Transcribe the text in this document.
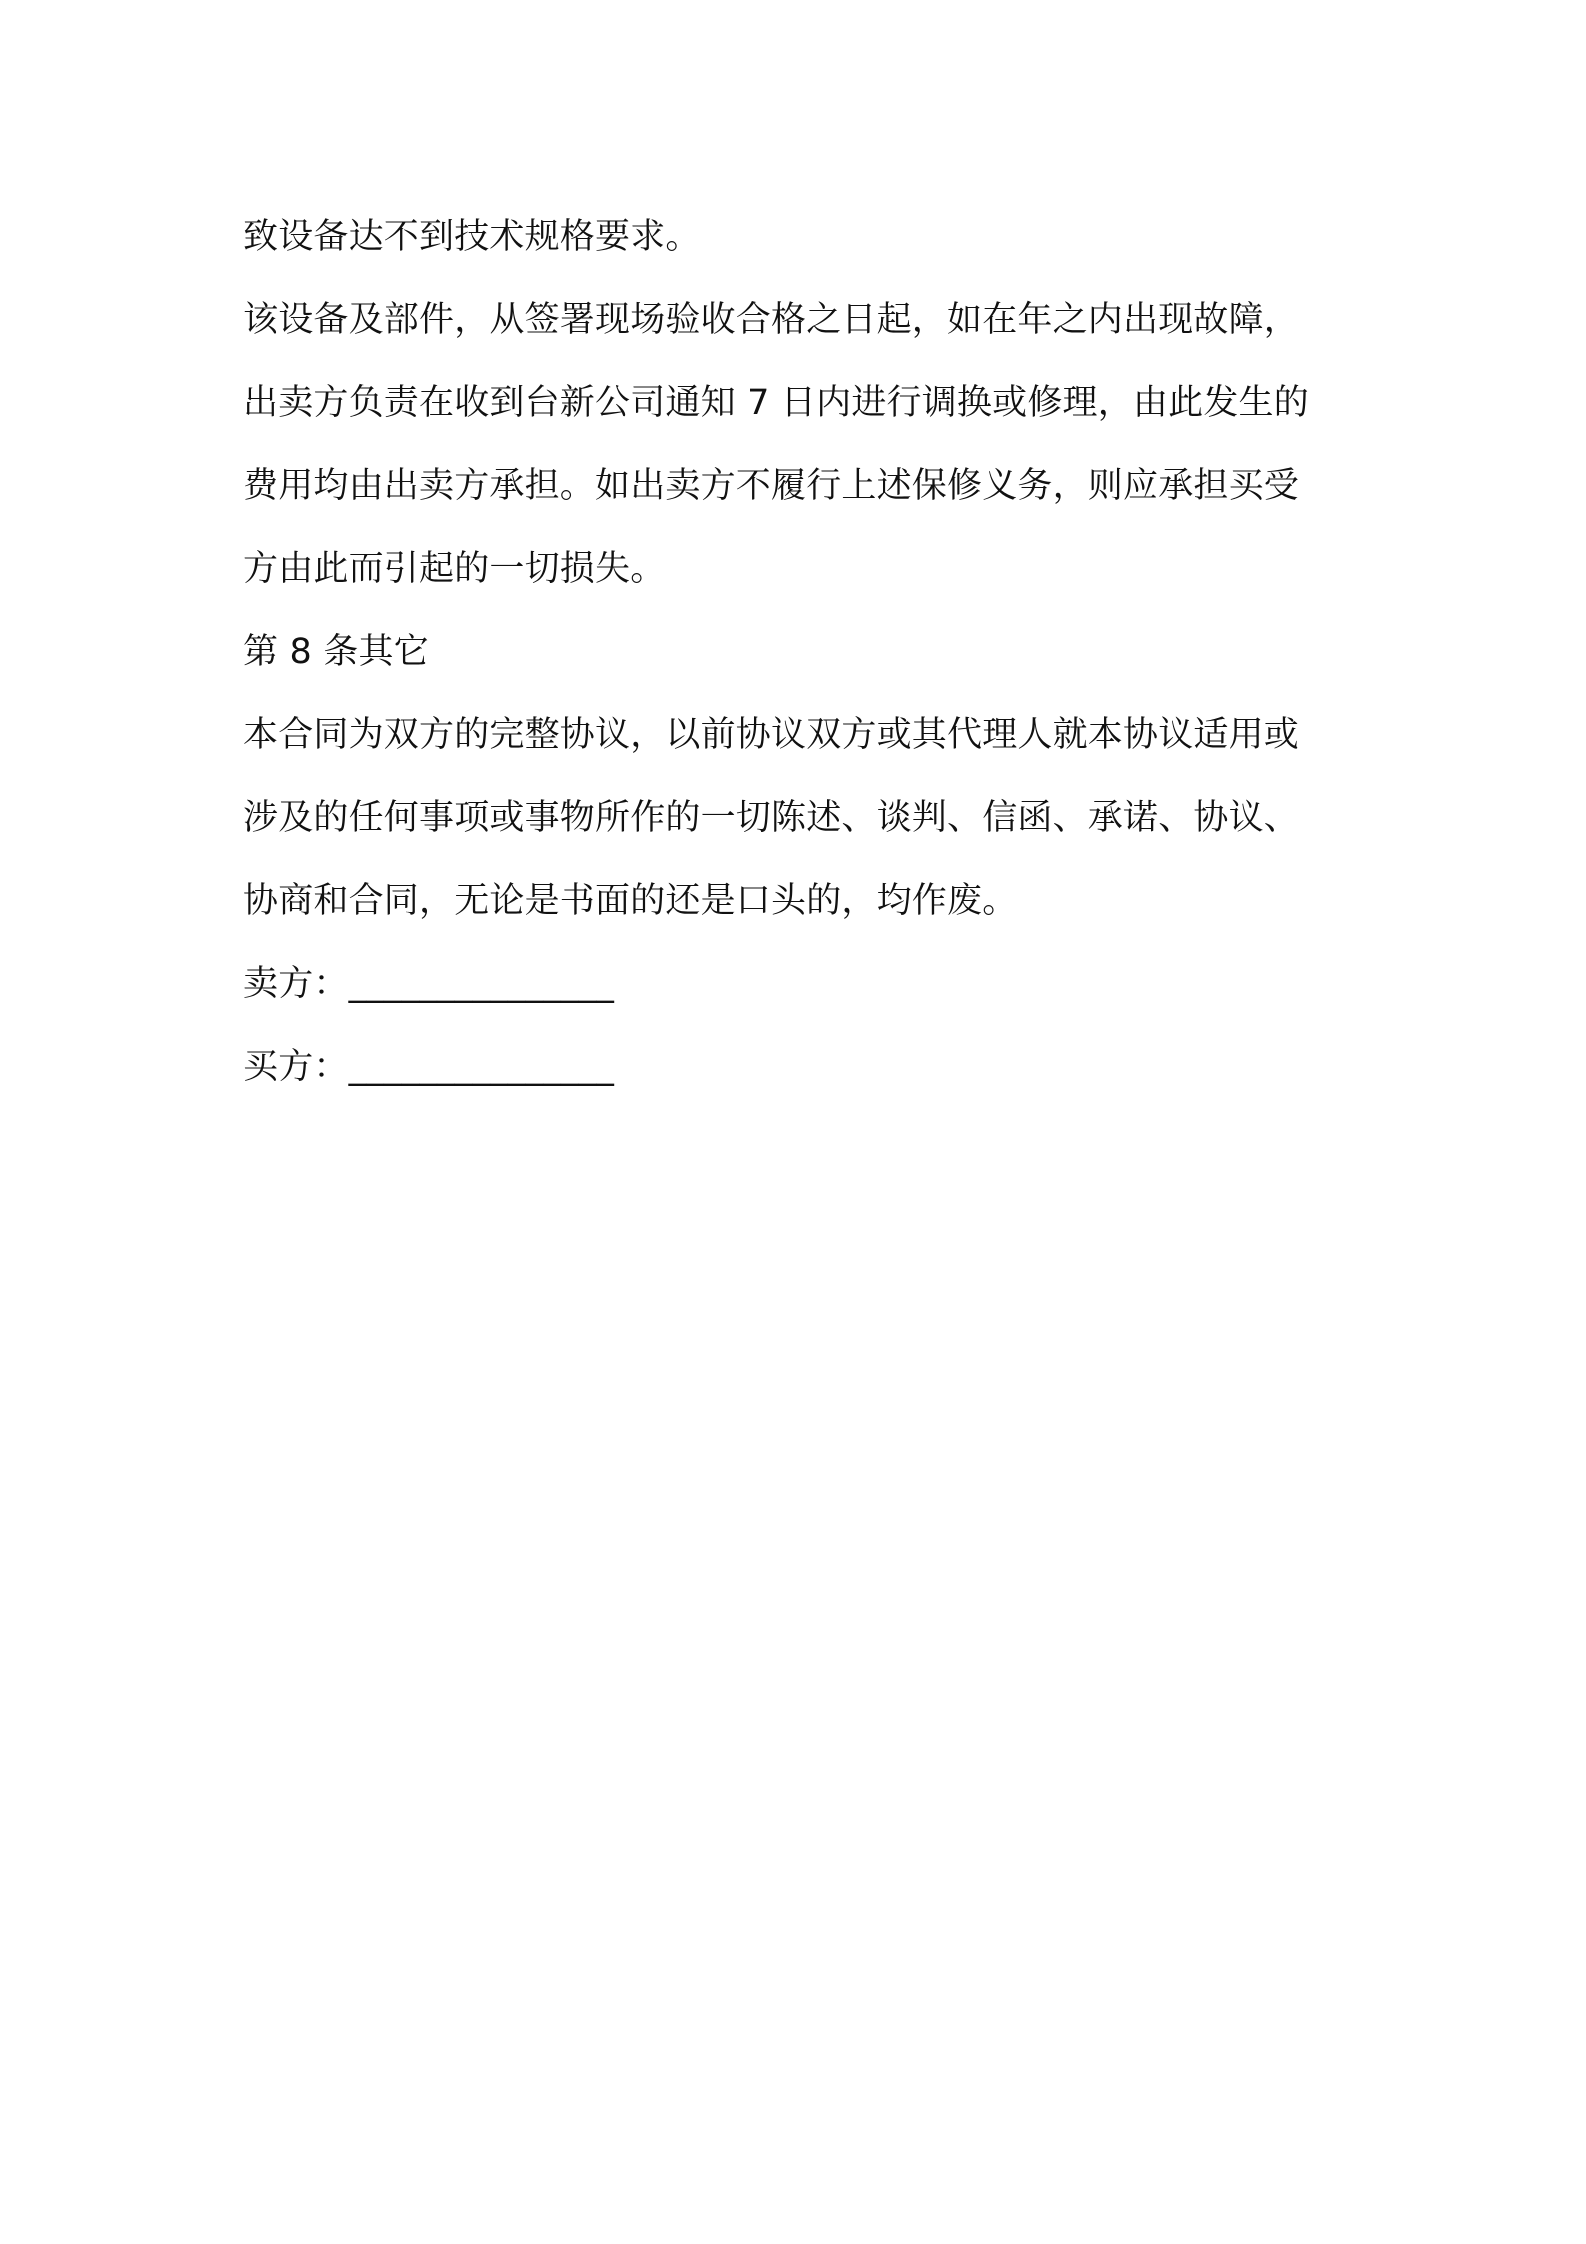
致设备达不到技术规格要求。
该设备及部件，从签署现场验收合格之日起，如在年之内出现故障，
出卖方负责在收到台新公司通知 7 日内进行调换或修理，由此发生的
费用均由出卖方承担。如出卖方不履行上述保修义务，则应承担买受
方由此而引起的一切损失。
第 8 条其它
本合同为双方的完整协议，以前协议双方或其代理人就本协议适用或
涉及的任何事项或事物所作的一切陈述、谈判、信函、承诺、协议、
协商和合同，无论是书面的还是口头的，均作废。
卖方：_______________
买方：_______________
